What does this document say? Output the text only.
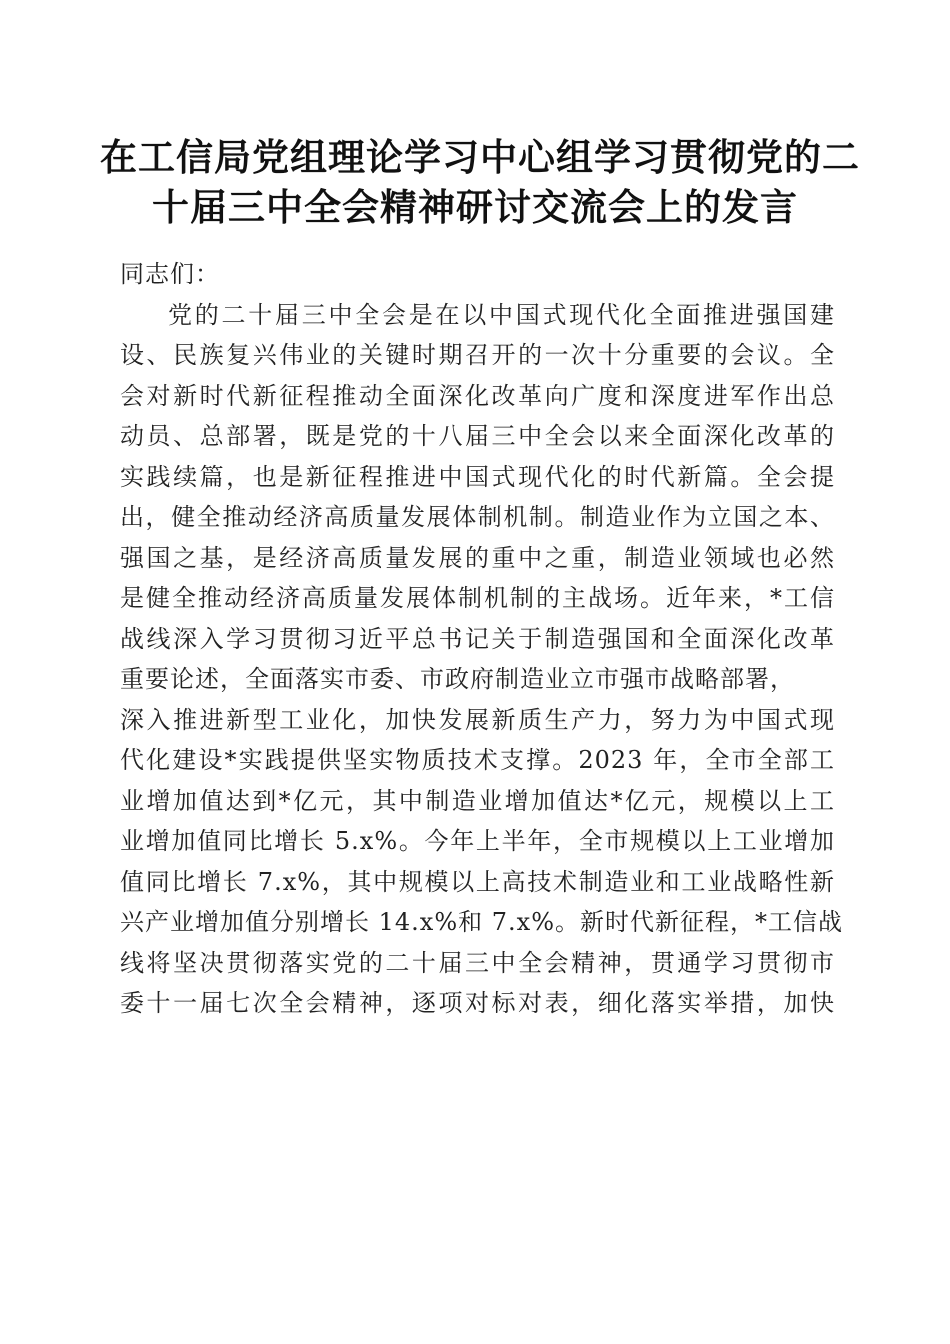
在工信局党组理论学习中心组学习贯彻党的二
十届三中全会精神研讨交流会上的发言

同志们：

党的二十届三中全会是在以中国式现代化全面推进强国建
设、民族复兴伟业的关键时期召开的一次十分重要的会议。全
会对新时代新征程推动全面深化改革向广度和深度进军作出总
动员、总部署，既是党的十八届三中全会以来全面深化改革的
实践续篇，也是新征程推进中国式现代化的时代新篇。全会提
出，健全推动经济高质量发展体制机制。制造业作为立国之本、
强国之基，是经济高质量发展的重中之重，制造业领域也必然
是健全推动经济高质量发展体制机制的主战场。近年来，*工信
战线深入学习贯彻习近平总书记关于制造强国和全面深化改革
重要论述，全面落实市委、市政府制造业立市强市战略部署，
深入推进新型工业化，加快发展新质生产力，努力为中国式现
代化建设*实践提供坚实物质技术支撑。2023 年，全市全部工
业增加值达到*亿元，其中制造业增加值达*亿元，规模以上工
业增加值同比增长 5.x%。今年上半年，全市规模以上工业增加
值同比增长 7.x%，其中规模以上高技术制造业和工业战略性新
兴产业增加值分别增长 14.x%和 7.x%。新时代新征程，*工信战
线将坚决贯彻落实党的二十届三中全会精神，贯通学习贯彻市
委十一届七次全会精神，逐项对标对表，细化落实举措，加快
